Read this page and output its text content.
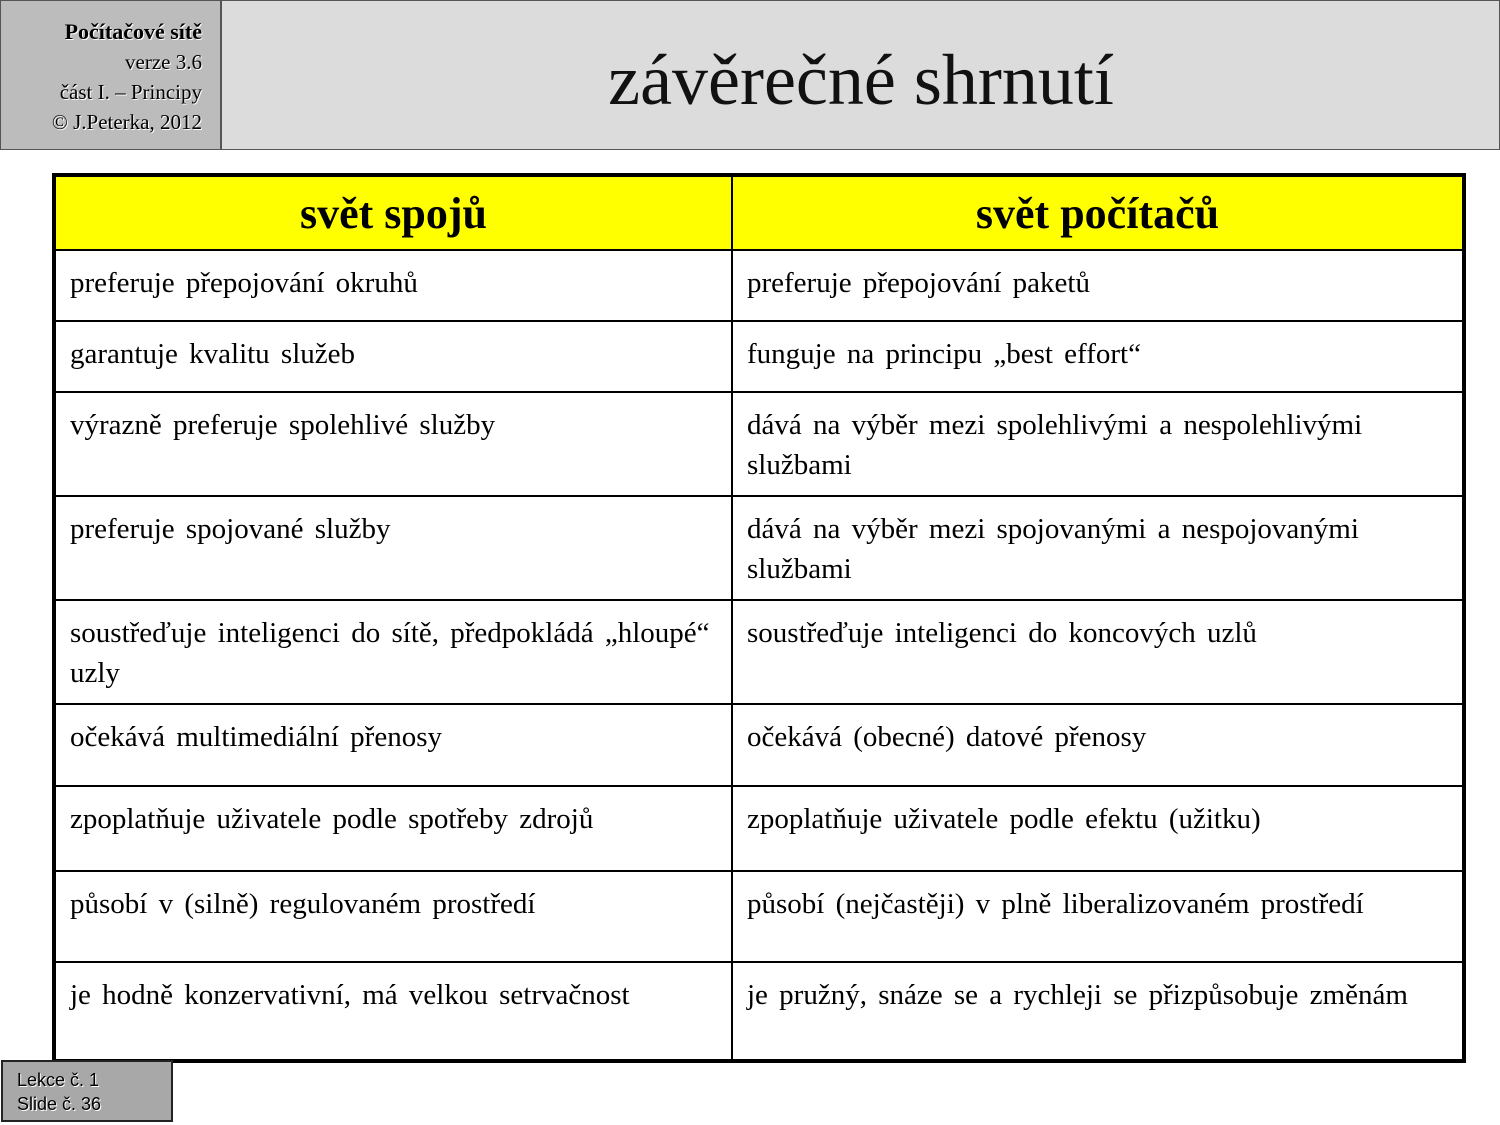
Počítačové sítě
verze 3.6
část I. – Principy
© J.Peterka, 2012
závěrečné shrnutí
svět spojů	svět počítačů
preferuje přepojování okruhů	preferuje přepojování paketů
garantuje kvalitu služeb	funguje na principu „best effort“
výrazně preferuje spolehlivé služby	dává na výběr mezi spolehlivými a nespolehlivými službami
preferuje spojované služby	dává na výběr mezi spojovanými a nespojovanými službami
soustřeďuje inteligenci do sítě, předpokládá „hloupé“ uzly	soustřeďuje inteligenci do koncových uzlů
očekává multimediální přenosy	očekává (obecné) datové přenosy
zpoplatňuje uživatele podle spotřeby zdrojů	zpoplatňuje uživatele podle efektu (užitku)
působí v (silně) regulovaném prostředí	působí (nejčastěji) v plně liberalizovaném prostředí
je hodně konzervativní, má velkou setrvačnost	je pružný, snáze se a rychleji se přizpůsobuje změnám
Lekce č. 1
Slide č. 36
